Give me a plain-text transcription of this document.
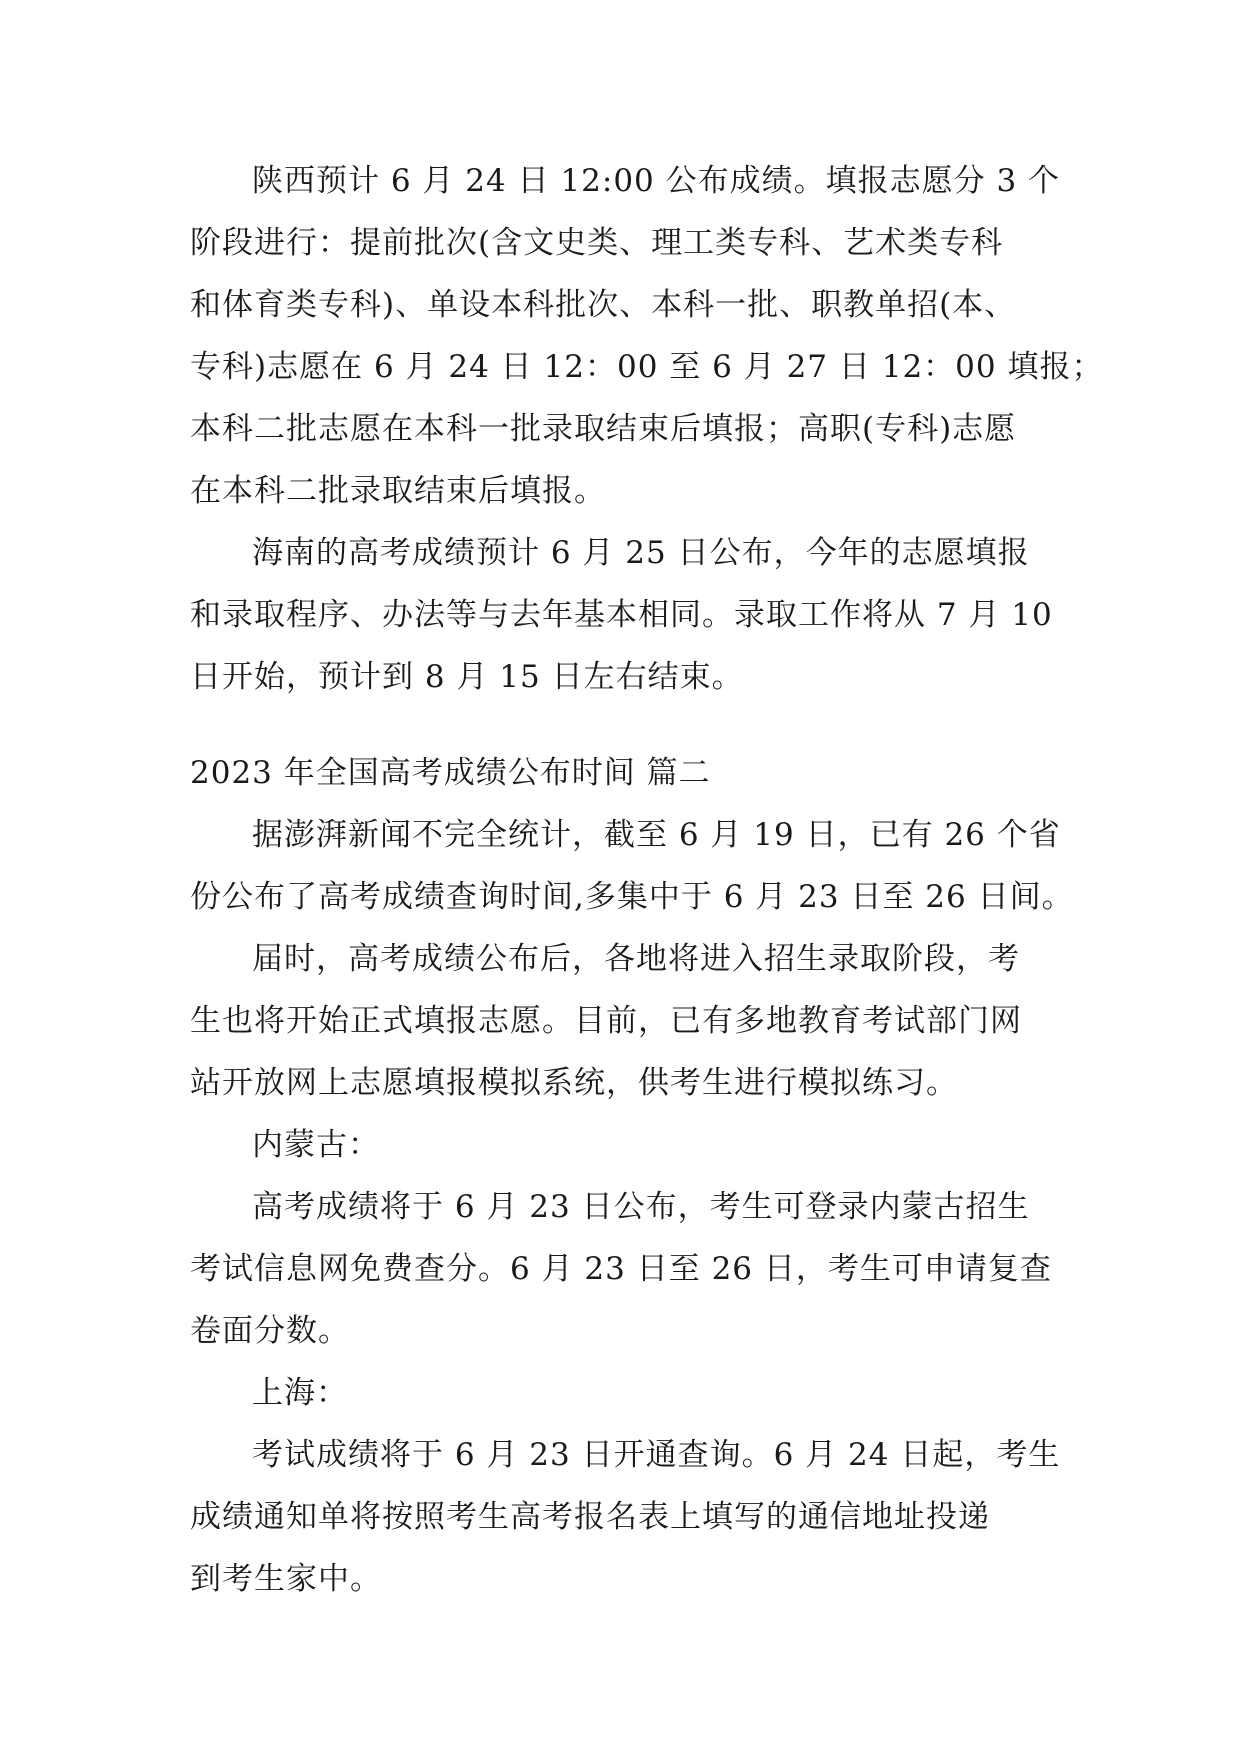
陕西预计 6 月 24 日 12:00 公布成绩。填报志愿分 3 个
阶段进行：提前批次(含文史类、理工类专科、艺术类专科
和体育类专科)、单设本科批次、本科一批、职教单招(本、
专科)志愿在 6 月 24 日 12：00 至 6 月 27 日 12：00 填报；
本科二批志愿在本科一批录取结束后填报；高职(专科)志愿
在本科二批录取结束后填报。
海南的高考成绩预计 6 月 25 日公布，今年的志愿填报
和录取程序、办法等与去年基本相同。录取工作将从 7 月 10
日开始，预计到 8 月 15 日左右结束。
2023 年全国高考成绩公布时间 篇二
据澎湃新闻不完全统计，截至 6 月 19 日，已有 26 个省
份公布了高考成绩查询时间,多集中于 6 月 23 日至 26 日间。
届时，高考成绩公布后，各地将进入招生录取阶段，考
生也将开始正式填报志愿。目前，已有多地教育考试部门网
站开放网上志愿填报模拟系统，供考生进行模拟练习。
内蒙古：
高考成绩将于 6 月 23 日公布，考生可登录内蒙古招生
考试信息网免费查分。6 月 23 日至 26 日，考生可申请复查
卷面分数。
上海：
考试成绩将于 6 月 23 日开通查询。6 月 24 日起，考生
成绩通知单将按照考生高考报名表上填写的通信地址投递
到考生家中。
